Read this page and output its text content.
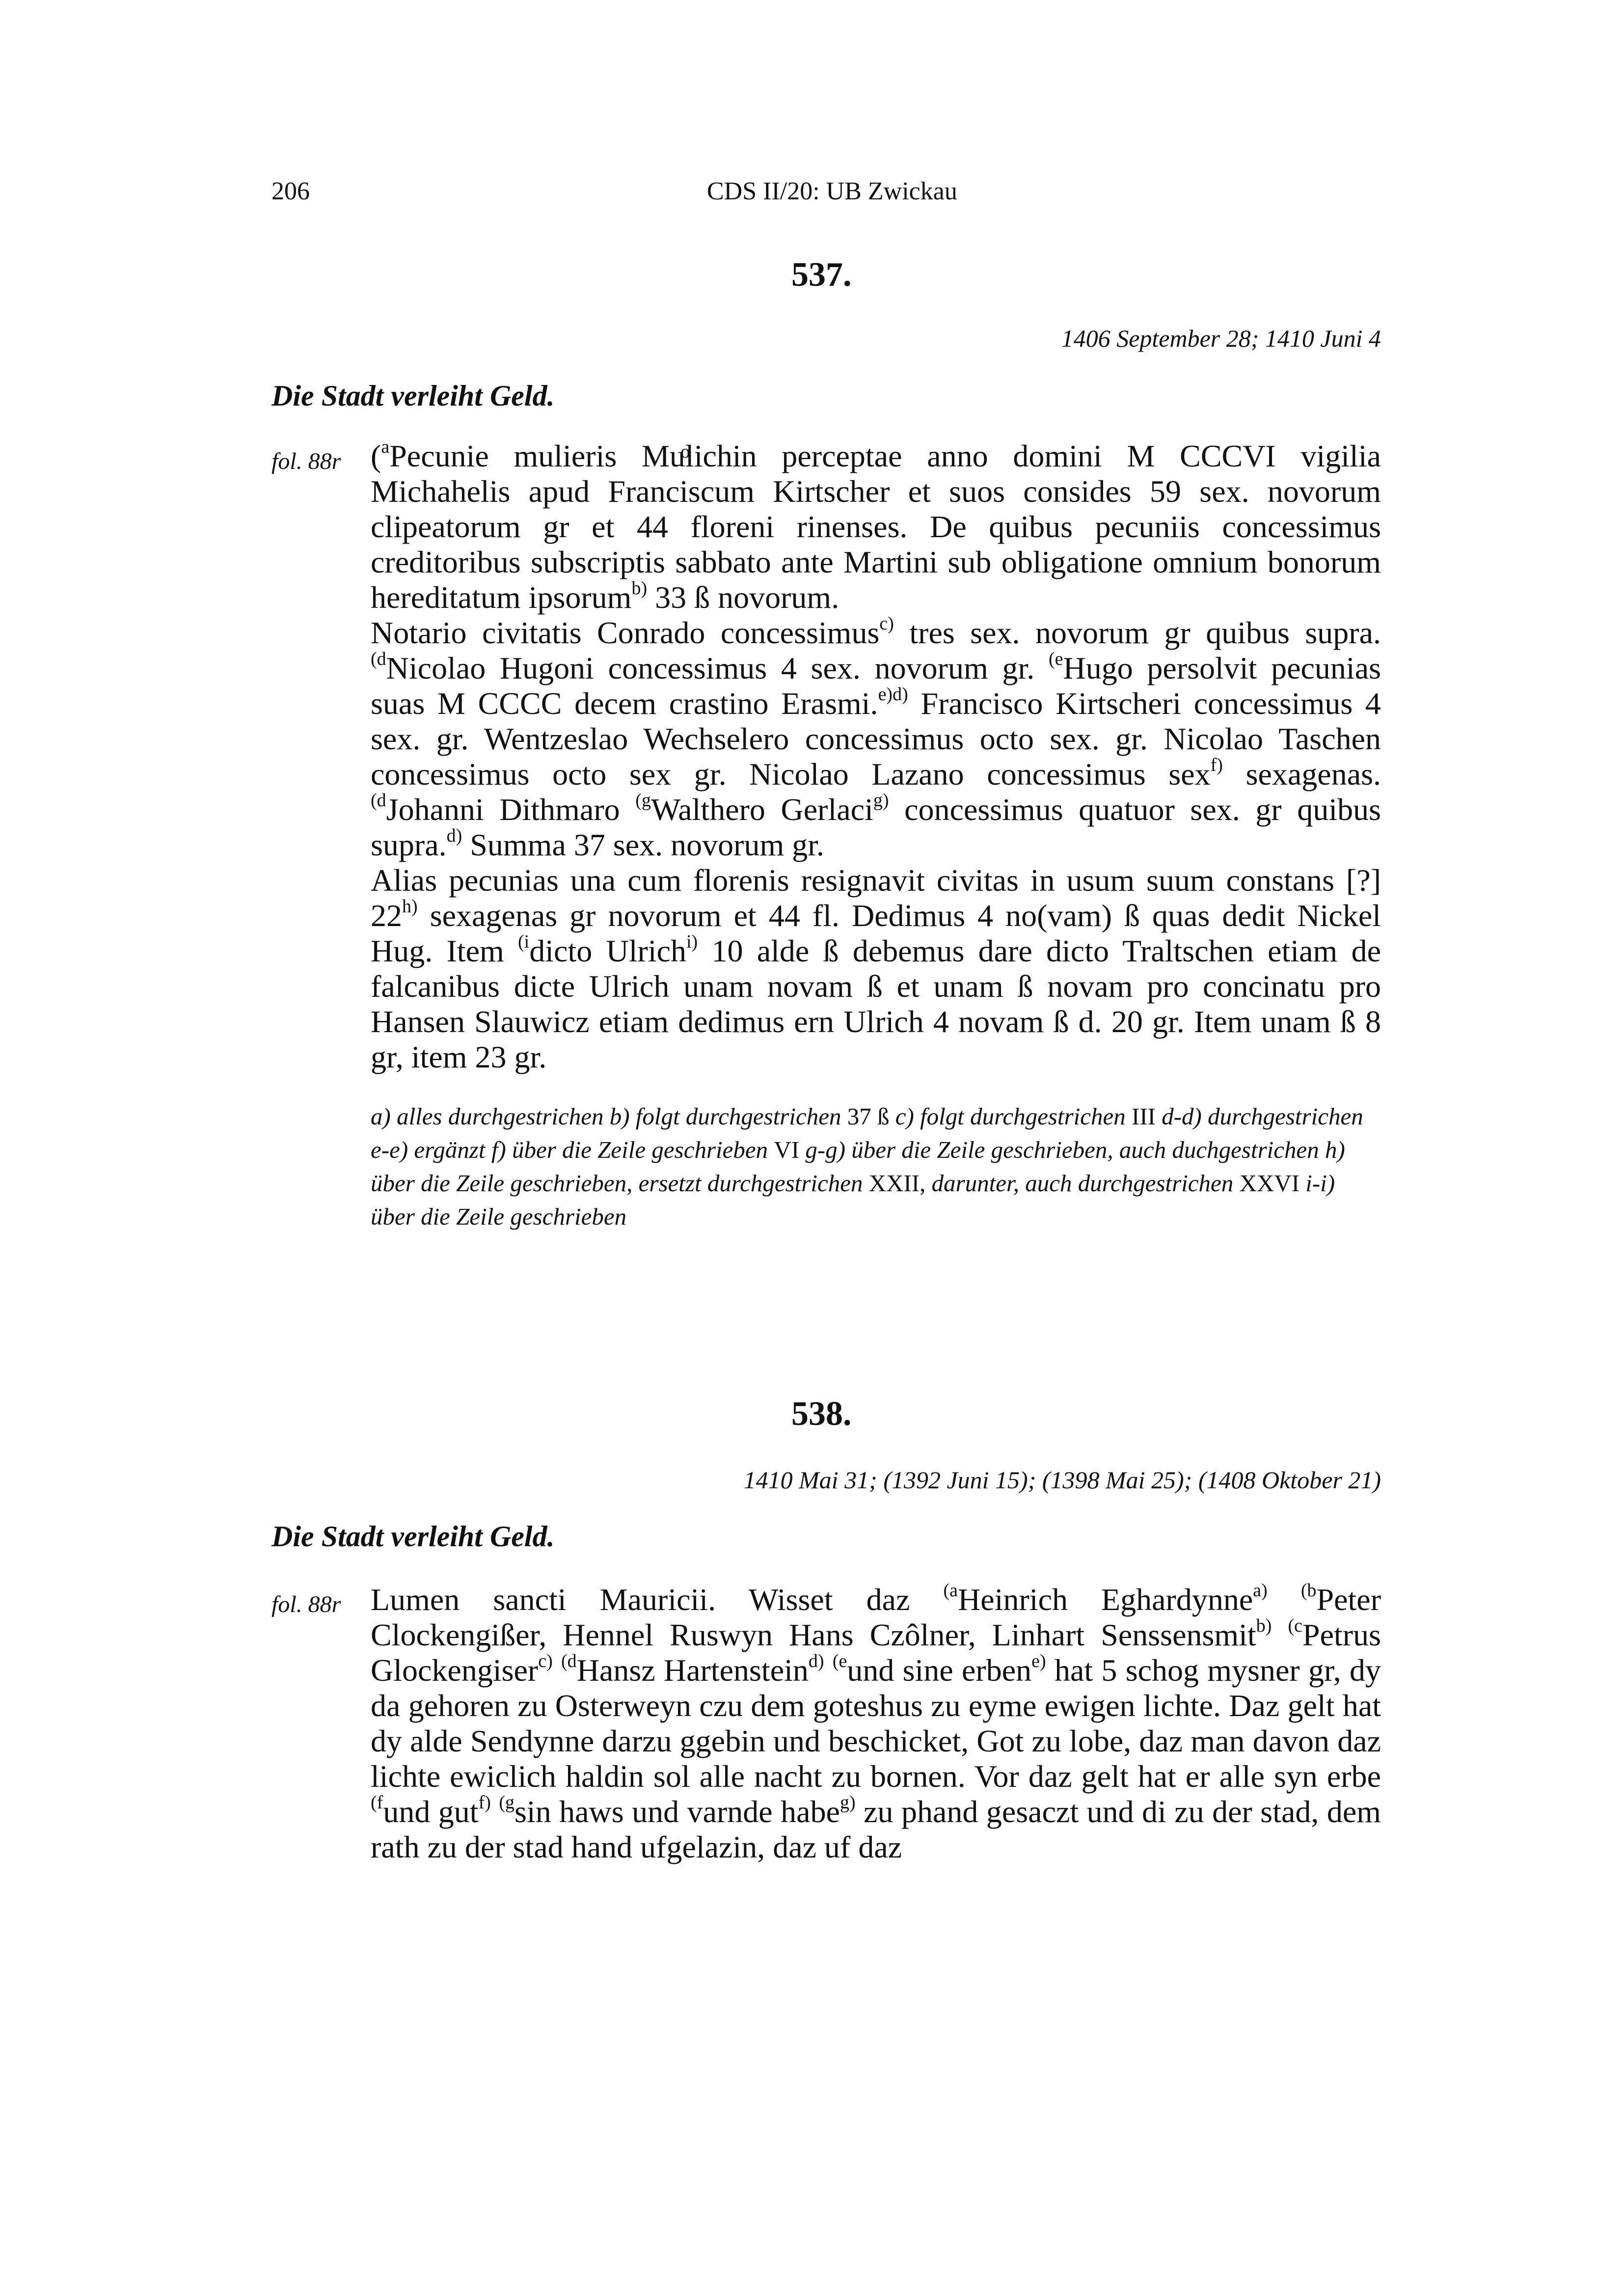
206	CDS II/20: UB Zwickau
537.
1406 September 28; 1410 Juni 4
Die Stadt verleiht Geld.
fol. 88r ($^a$Pecunie mulieris Muͦlichin perceptae anno domini M CCCVI vigilia Michahelis apud Franciscum Kirtscher et suos consides 59 sex. novorum clipeatorum gr et 44 floreni rinenses. De quibus pecuniis concessimus creditoribus subscriptis sabbato ante Martini sub obligatione omnium bonorum hereditatum ipsorum$^{b)}$ 33 ß novorum.

Notario civitatis Conrado concessimus$^{c)}$ tres sex. novorum gr quibus supra. $^{(d}$Nicolao Hugoni concessimus 4 sex. novorum gr. $^{(e}$Hugo persolvit pecunias suas M CCCC decem crastino Erasmi.$^{e)d)}$ Francisco Kirtscheri concessimus 4 sex. gr. Wentzeslao Wechselero concessimus octo sex. gr. Nicolao Taschen concessimus octo sex gr. Nicolao Lazano concessimus sex$^{f)}$ sexagenas. $^{(d}$Johanni Dithmaro $^{(g}$Walthero Gerlaci$^{g)}$ concessimus quatuor sex. gr quibus supra.$^{d)}$ Summa 37 sex. novorum gr.

Alias pecunias una cum florenis resignavit civitas in usum suum constans [?] 22$^{h)}$ sexagenas gr novorum et 44 fl. Dedimus 4 no(vam) ß quas dedit Nickel Hug. Item $^{(i}$dicto Ulrich$^{i)}$ 10 alde ß debemus dare dicto Traltschen etiam de falcanibus dicte Ulrich unam novam ß et unam ß novam pro concinatu pro Hansen Slauwicz etiam dedimus ern Ulrich 4 novam ß d. 20 gr. Item unam ß 8 gr, item 23 gr.

a) alles durchgestrichen b) folgt durchgestrichen 37 ß c) folgt durchgestrichen III d-d) durchgestrichen e-e) ergänzt f) über die Zeile geschrieben VI g-g) über die Zeile geschrieben, auch duchgestrichen h) über die Zeile geschrieben, ersetzt durchgestrichen XXII, darunter, auch durchgestrichen XXVI i-i) über die Zeile geschrieben
538.
1410 Mai 31; (1392 Juni 15); (1398 Mai 25); (1408 Oktober 21)
Die Stadt verleiht Geld.
fol. 88r Lumen sancti Mauricii. Wisset daz $^{(a}$Heinrich Eghardynne$^{a)}$ $^{(b}$Peter Clockengißer, Hennel Ruswyn Hans Czôlner, Linhart Senssensmit$^{b)}$ $^{(c}$Petrus Glockengiser$^{c)}$ $^{(d}$Hansz Hartenstein$^{d)}$ $^{(e}$und sine erben$^{e)}$ hat 5 schog mysner gr, dy da gehoren zu Osterweyn czu dem goteshus zu eyme ewigen lichte. Daz gelt hat dy alde Sendynne darzu ggebin und beschicket, Got zu lobe, daz man davon daz lichte ewiclich haldin sol alle nacht zu bornen. Vor daz gelt hat er alle syn erbe $^{(f}$und gut$^{f)}$ $^{(g}$sin haws und varnde habe$^{g)}$ zu phand gesaczt und di zu der stad, dem rath zu der stad hand ufgelazin, daz uf daz
